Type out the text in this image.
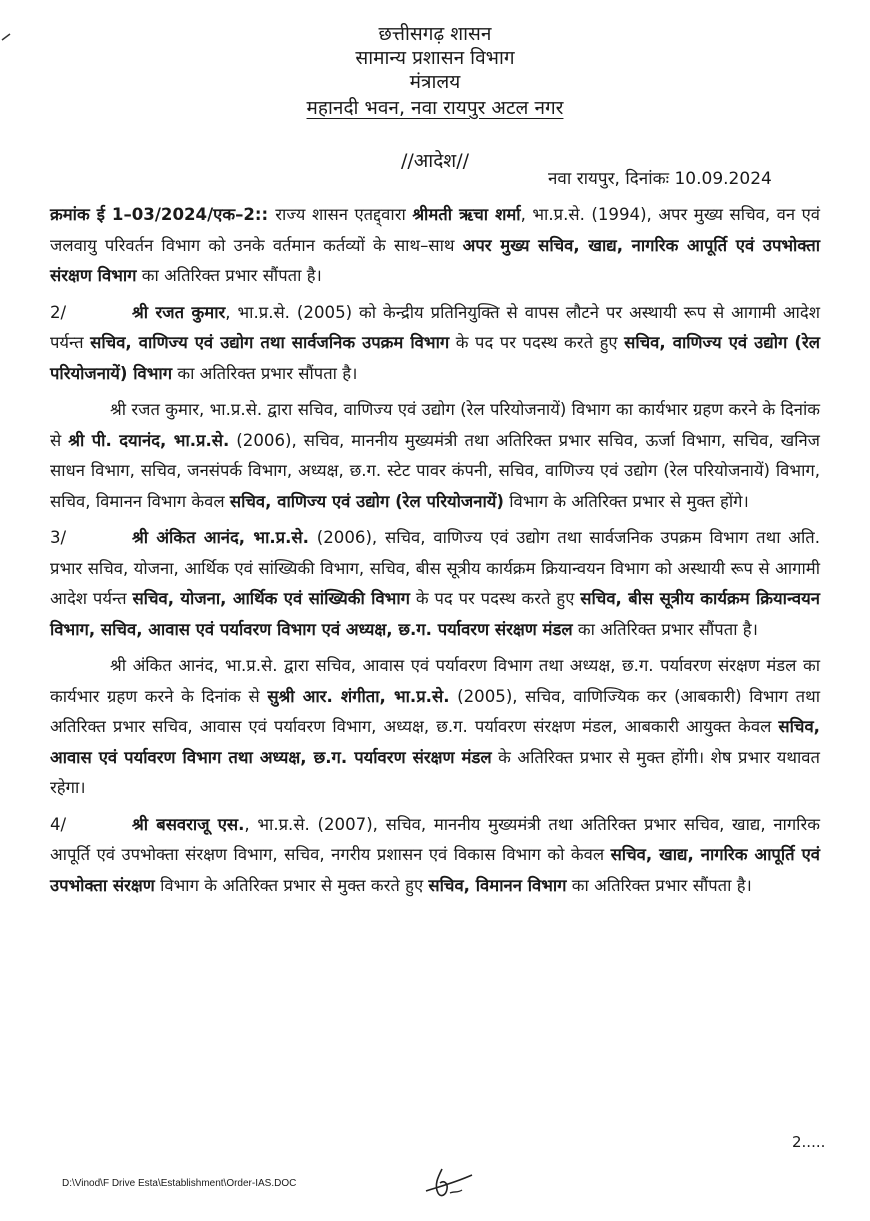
छत्तीसगढ़ शासन
सामान्य प्रशासन विभाग
मंत्रालय
महानदी भवन, नवा रायपुर अटल नगर
//आदेश//
नवा रायपुर, दिनांकः 10.09.2024

क्रमांक ई 1–03/2024/एक–2:: राज्य शासन एतद्द्वारा श्रीमती ऋचा शर्मा, भा.प्र.से. (1994), अपर मुख्य सचिव, वन एवं जलवायु परिवर्तन विभाग को उनके वर्तमान कर्तव्यों के साथ–साथ अपर मुख्य सचिव, खाद्य, नागरिक आपूर्ति एवं उपभोक्ता संरक्षण विभाग का अतिरिक्त प्रभार सौंपता है।

2/	श्री रजत कुमार, भा.प्र.से. (2005) को केन्द्रीय प्रतिनियुक्ति से वापस लौटने पर अस्थायी रूप से आगामी आदेश पर्यन्त सचिव, वाणिज्य एवं उद्योग तथा सार्वजनिक उपक्रम विभाग के पद पर पदस्थ करते हुए सचिव, वाणिज्य एवं उद्योग (रेल परियोजनायें) विभाग का अतिरिक्त प्रभार सौंपता है।

श्री रजत कुमार, भा.प्र.से. द्वारा सचिव, वाणिज्य एवं उद्योग (रेल परियोजनायें) विभाग का कार्यभार ग्रहण करने के दिनांक से श्री पी. दयानंद, भा.प्र.से. (2006), सचिव, माननीय मुख्यमंत्री तथा अतिरिक्त प्रभार सचिव, ऊर्जा विभाग, सचिव, खनिज साधन विभाग, सचिव, जनसंपर्क विभाग, अध्यक्ष, छ.ग. स्टेट पावर कंपनी, सचिव, वाणिज्य एवं उद्योग (रेल परियोजनायें) विभाग, सचिव, विमानन विभाग केवल सचिव, वाणिज्य एवं उद्योग (रेल परियोजनायें) विभाग के अतिरिक्त प्रभार से मुक्त होंगे।

3/	श्री अंकित आनंद, भा.प्र.से. (2006), सचिव, वाणिज्य एवं उद्योग तथा सार्वजनिक उपक्रम विभाग तथा अति. प्रभार सचिव, योजना, आर्थिक एवं सांख्यिकी विभाग, सचिव, बीस सूत्रीय कार्यक्रम क्रियान्वयन विभाग को अस्थायी रूप से आगामी आदेश पर्यन्त सचिव, योजना, आर्थिक एवं सांख्यिकी विभाग के पद पर पदस्थ करते हुए सचिव, बीस सूत्रीय कार्यक्रम क्रियान्वयन विभाग, सचिव, आवास एवं पर्यावरण विभाग एवं अध्यक्ष, छ.ग. पर्यावरण संरक्षण मंडल का अतिरिक्त प्रभार सौंपता है।

श्री अंकित आनंद, भा.प्र.से. द्वारा सचिव, आवास एवं पर्यावरण विभाग तथा अध्यक्ष, छ.ग. पर्यावरण संरक्षण मंडल का कार्यभार ग्रहण करने के दिनांक से सुश्री आर. शंगीता, भा.प्र.से. (2005), सचिव, वाणिज्यिक कर (आबकारी) विभाग तथा अतिरिक्त प्रभार सचिव, आवास एवं पर्यावरण विभाग, अध्यक्ष, छ.ग. पर्यावरण संरक्षण मंडल, आबकारी आयुक्त केवल सचिव, आवास एवं पर्यावरण विभाग तथा अध्यक्ष, छ.ग. पर्यावरण संरक्षण मंडल के अतिरिक्त प्रभार से मुक्त होंगी। शेष प्रभार यथावत रहेगा।

4/	श्री बसवराजू एस., भा.प्र.से. (2007), सचिव, माननीय मुख्यमंत्री तथा अतिरिक्त प्रभार सचिव, खाद्य, नागरिक आपूर्ति एवं उपभोक्ता संरक्षण विभाग, सचिव, नगरीय प्रशासन एवं विकास विभाग को केवल सचिव, खाद्य, नागरिक आपूर्ति एवं उपभोक्ता संरक्षण विभाग के अतिरिक्त प्रभार से मुक्त करते हुए सचिव, विमानन विभाग का अतिरिक्त प्रभार सौंपता है।

2.....
D:\Vinod\F Drive Esta\Establishment\Order-IAS.DOC
